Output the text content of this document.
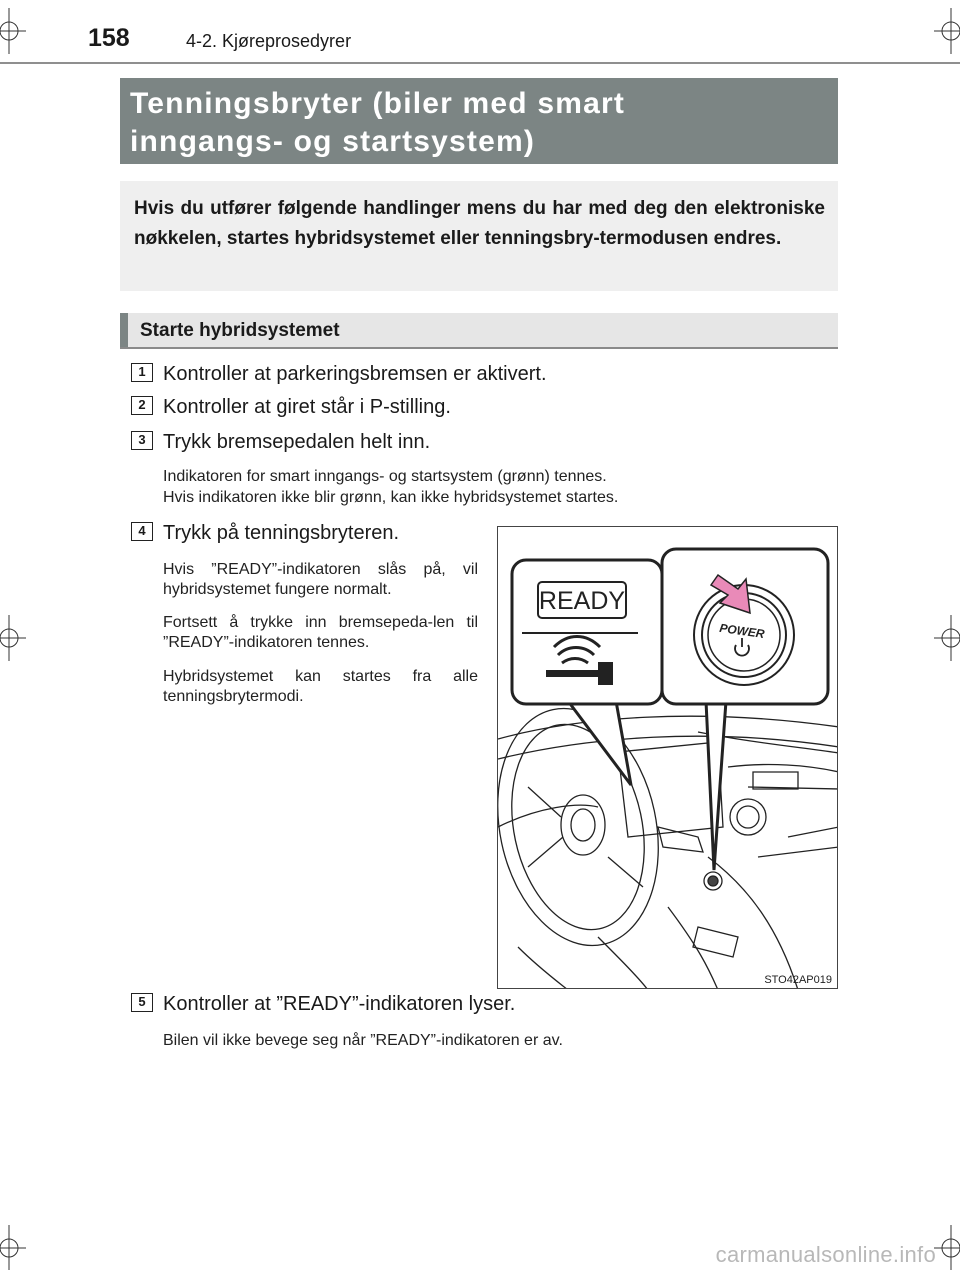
158	4-2. Kjøreprosedyrer
Tenningsbryter (biler med smart
inngangs- og startsystem)
Hvis du utfører følgende handlinger mens du har med deg den elektroniske nøkkelen, startes hybridsystemet eller tenningsbry-termodusen endres.
Starte hybridsystemet
1 Kontroller at parkeringsbremsen er aktivert.
2 Kontroller at giret står i P-stilling.
3 Trykk bremsepedalen helt inn.
Indikatoren for smart inngangs- og startsystem (grønn) tennes.
Hvis indikatoren ikke blir grønn, kan ikke hybridsystemet startes.
4 Trykk på tenningsbryteren.
Hvis ”READY”-indikatoren slås på, vil hybridsystemet fungere normalt.
Fortsett å trykke inn bremsepeda-len til ”READY”-indikatoren tennes.
Hybridsystemet kan startes fra alle tenningsbrytermodi.
READY
POWER
STO42AP019
5 Kontroller at ”READY”-indikatoren lyser.
Bilen vil ikke bevege seg når ”READY”-indikatoren er av.
carmanualsonline.info
